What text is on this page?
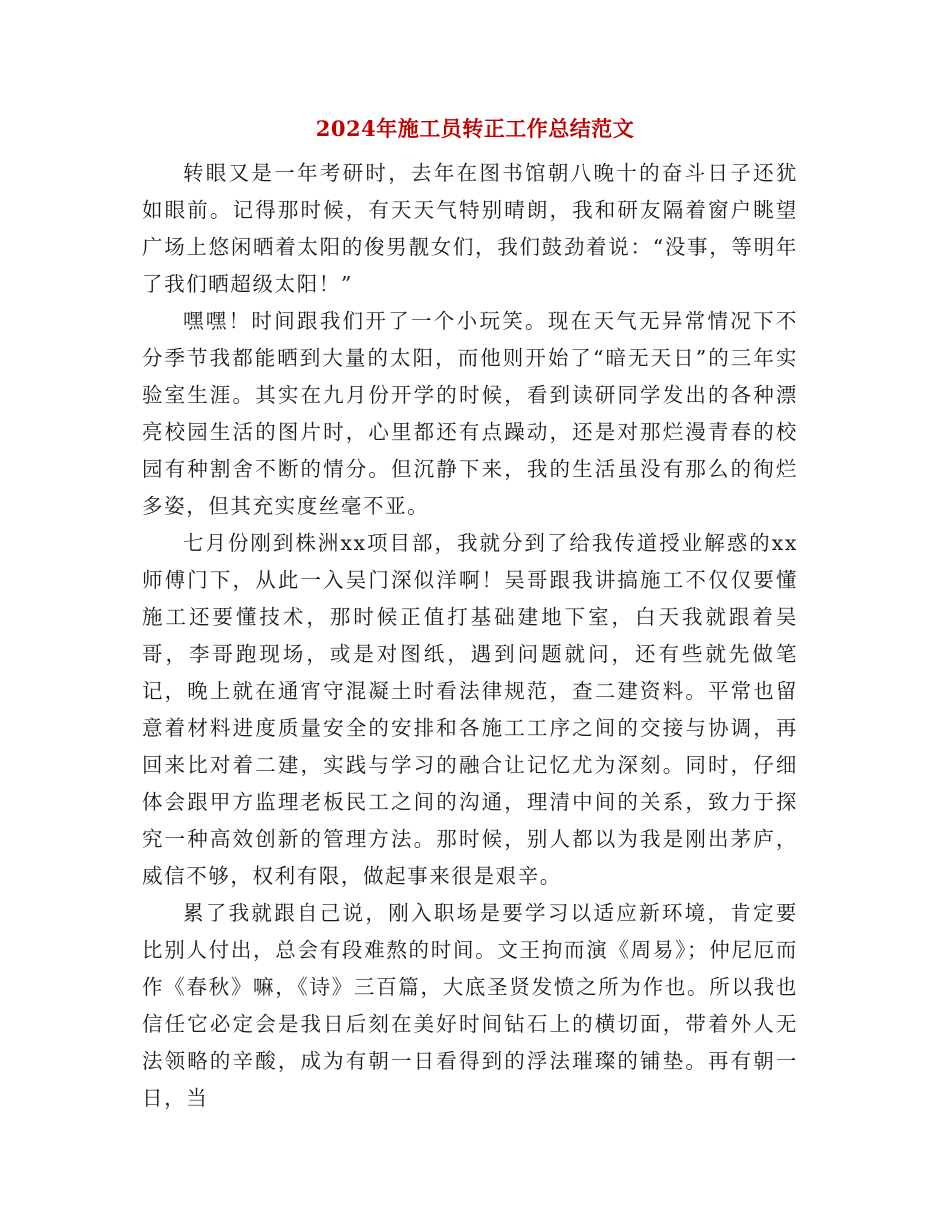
2024年施工员转正工作总结范文

转眼又是一年考研时，去年在图书馆朝八晚十的奋斗日子还犹如眼前。记得那时候，有天天气特别晴朗，我和研友隔着窗户眺望广场上悠闲晒着太阳的俊男靓女们，我们鼓劲着说：“没事，等明年了我们晒超级太阳！”

嘿嘿！时间跟我们开了一个小玩笑。现在天气无异常情况下不分季节我都能晒到大量的太阳，而他则开始了“暗无天日”的三年实验室生涯。其实在九月份开学的时候，看到读研同学发出的各种漂亮校园生活的图片时，心里都还有点躁动，还是对那烂漫青春的校园有种割舍不断的情分。但沉静下来，我的生活虽没有那么的徇烂多姿，但其充实度丝毫不亚。

七月份刚到株洲xx项目部，我就分到了给我传道授业解惑的xx师傅门下，从此一入吴门深似洋啊！吴哥跟我讲搞施工不仅仅要懂施工还要懂技术，那时候正值打基础建地下室，白天我就跟着吴哥，李哥跑现场，或是对图纸，遇到问题就问，还有些就先做笔记，晚上就在通宵守混凝土时看法律规范，查二建资料。平常也留意着材料进度质量安全的安排和各施工工序之间的交接与协调，再回来比对着二建，实践与学习的融合让记忆尤为深刻。同时，仔细体会跟甲方监理老板民工之间的沟通，理清中间的关系，致力于探究一种高效创新的管理方法。那时候，别人都以为我是刚出茅庐，威信不够，权利有限，做起事来很是艰辛。

累了我就跟自己说，刚入职场是要学习以适应新环境，肯定要比别人付出，总会有段难熬的时间。文王拘而演《周易》；仲尼厄而作《春秋》嘛，《诗》三百篇，大底圣贤发愤之所为作也。所以我也信任它必定会是我日后刻在美好时间钻石上的横切面，带着外人无法领略的辛酸，成为有朝一日看得到的浮法璀璨的铺垫。再有朝一日，当
